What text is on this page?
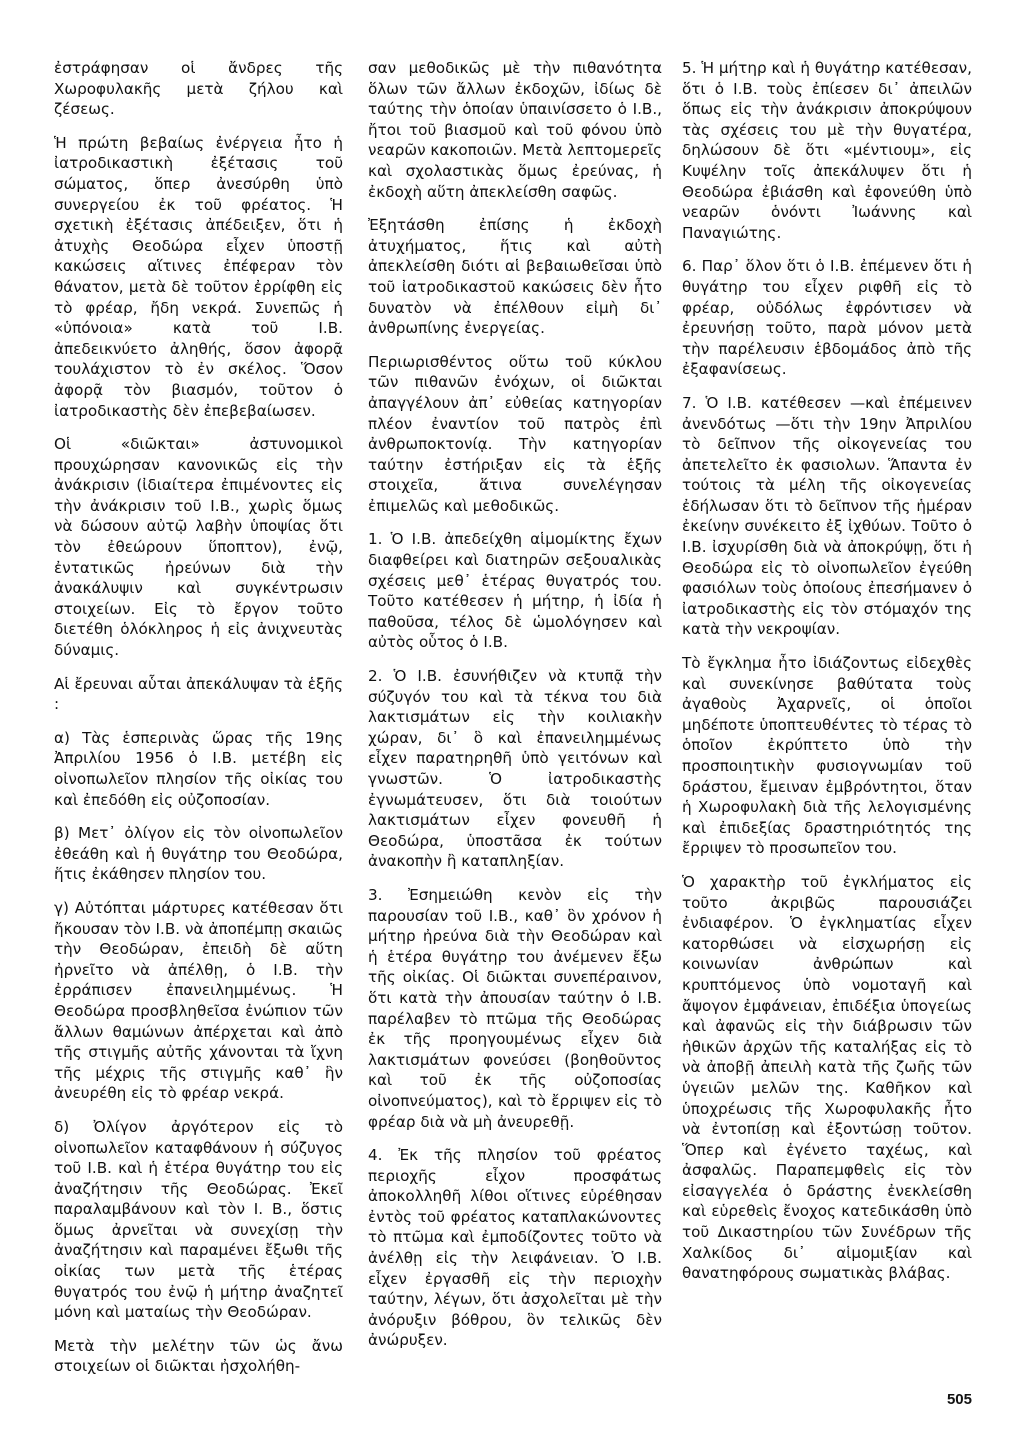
ἐστράφησαν οἱ ἄνδρες τῆς Χωροφυλακῆς μετὰ ζήλου καὶ ζέσεως.

Ἡ πρώτη βεβαίως ἐνέργεια ἦτο ἡ ἰατροδικαστικὴ ἐξέτασις τοῦ σώματος, ὅπερ ἀνεσύρθη ὑπὸ συνεργείου ἐκ τοῦ φρέατος. Ἡ σχετικὴ ἐξέτασις ἀπέδειξεν, ὅτι ἡ ἀτυχὴς Θεοδώρα εἶχεν ὑποστῇ κακώσεις αἵτινες ἐπέφεραν τὸν θάνατον, μετὰ δὲ τοῦτον ἐρρίφθη εἰς τὸ φρέαρ, ἤδη νεκρά. Συνεπῶς ἡ «ὑπόνοια» κατὰ τοῦ Ι.Β. ἀπεδεικνύετο ἀληθής, ὅσον ἀφορᾷ τουλάχιστον τὸ ἐν σκέλος. Ὅσον ἀφορᾷ τὸν βιασμόν, τοῦτον ὁ ἰατροδικαστὴς δὲν ἐπεβεβαίωσεν.

Οἱ «διῶκται» ἀστυνομικοὶ προυχώρησαν κανονικῶς εἰς τὴν ἀνάκρισιν (ἰδιαίτερα ἐπιμένοντες εἰς τὴν ἀνάκρισιν τοῦ Ι.Β., χωρὶς ὅμως νὰ δώσουν αὐτῷ λαβὴν ὑποψίας ὅτι τὸν ἐθεώρουν ὕποπτον), ἐνῷ, ἐντατικῶς ἠρεύνων διὰ τὴν ἀνακάλυψιν καὶ συγκέντρωσιν στοιχείων. Εἰς τὸ ἔργον τοῦτο διετέθη ὁλόκληρος ἡ εἰς ἀνιχνευτὰς δύναμις.

Αἱ ἔρευναι αὗται ἀπεκάλυψαν τὰ ἑξῆς :

α) Τὰς ἑσπερινὰς ὥρας τῆς 19ης Ἀπριλίου 1956 ὁ Ι.Β. μετέβη εἰς οἰνοπωλεῖον πλησίον τῆς οἰκίας του καὶ ἐπεδόθη εἰς οὐζοποσίαν.

β) Μετ᾽ ὀλίγον εἰς τὸν οἰνοπωλεῖον ἐθεάθη καὶ ἡ θυγάτηρ του Θεοδώρα, ἥτις ἐκάθησεν πλησίον του.

γ) Αὐτόπται μάρτυρες κατέθεσαν ὅτι ἤκουσαν τὸν Ι.Β. νὰ ἀποπέμπῃ σκαιῶς τὴν Θεοδώραν, ἐπειδὴ δὲ αὕτη ἠρνεῖτο νὰ ἀπέλθῃ, ὁ Ι.Β. τὴν ἐρράπισεν ἐπανειλημμένως. Ἡ Θεοδώρα προσβληθεῖσα ἐνώπιον τῶν ἄλλων θαμώνων ἀπέρχεται καὶ ἀπὸ τῆς στιγμῆς αὐτῆς χάνονται τὰ ἴχνη τῆς μέχρις τῆς στιγμῆς καθ᾽ ἣν ἀνευρέθη εἰς τὸ φρέαρ νεκρά.

δ) Ὀλίγον ἀργότερον εἰς τὸ οἰνοπωλεῖον καταφθάνουν ἡ σύζυγος τοῦ Ι.Β. καὶ ἡ ἑτέρα θυγάτηρ του εἰς ἀναζήτησιν τῆς Θεοδώρας. Ἐκεῖ παραλαμβάνουν καὶ τὸν Ι. Β., ὅστις ὅμως ἀρνεῖται νὰ συνεχίσῃ τὴν ἀναζήτησιν καὶ παραμένει ἔξωθι τῆς οἰκίας των μετὰ τῆς ἑτέρας θυγατρός του ἐνῷ ἡ μήτηρ ἀναζητεῖ μόνη καὶ ματαίως τὴν Θεοδώραν.

Μετὰ τὴν μελέτην τῶν ὡς ἄνω στοιχείων οἱ διῶκται ἠσχολήθη-

σαν μεθοδικῶς μὲ τὴν πιθανότητα ὅλων τῶν ἄλλων ἐκδοχῶν, ἰδίως δὲ ταύτης τὴν ὁποίαν ὑπαινίσσετο ὁ Ι.Β., ἤτοι τοῦ βιασμοῦ καὶ τοῦ φόνου ὑπὸ νεαρῶν κακοποιῶν. Μετὰ λεπτομερεῖς καὶ σχολαστικὰς ὅμως ἐρεύνας, ἡ ἐκδοχὴ αὕτη ἀπεκλείσθη σαφῶς.

Ἐξητάσθη ἐπίσης ἡ ἐκδοχὴ ἀτυχήματος, ἥτις καὶ αὐτὴ ἀπεκλείσθη διότι αἱ βεβαιωθεῖσαι ὑπὸ τοῦ ἰατροδικαστοῦ κακώσεις δὲν ἦτο δυνατὸν νὰ ἐπέλθουν εἰμὴ δι᾽ ἀνθρωπίνης ἐνεργείας.

Περιωρισθέντος οὕτω τοῦ κύκλου τῶν πιθανῶν ἐνόχων, οἱ διῶκται ἀπαγγέλουν ἀπ᾽ εὐθείας κατηγορίαν πλέον ἐναντίον τοῦ πατρὸς ἐπὶ ἀνθρωποκτονίᾳ. Τὴν κατηγορίαν ταύτην ἐστήριξαν εἰς τὰ ἑξῆς στοιχεῖα, ἅτινα συνελέγησαν ἐπιμελῶς καὶ μεθοδικῶς.

1. Ὁ Ι.Β. ἀπεδείχθη αἱμομίκτης ἔχων διαφθείρει καὶ διατηρῶν σεξουαλικὰς σχέσεις μεθ᾽ ἑτέρας θυγατρός του. Τοῦτο κατέθεσεν ἡ μήτηρ, ἡ ἰδία ἡ παθοῦσα, τέλος δὲ ὡμολόγησεν καὶ αὐτὸς οὗτος ὁ Ι.Β.

2. Ὁ Ι.Β. ἐσυνήθιζεν νὰ κτυπᾷ τὴν σύζυγόν του καὶ τὰ τέκνα του διὰ λακτισμάτων εἰς τὴν κοιλιακὴν χώραν, δι᾽ ὃ καὶ ἐπανειλημμένως εἶχεν παρατηρηθῆ ὑπὸ γειτόνων καὶ γνωστῶν. Ὁ ἰατροδικαστὴς ἐγνωμάτευσεν, ὅτι διὰ τοιούτων λακτισμάτων εἶχεν φονευθῆ ἡ Θεοδώρα, ὑποστᾶσα ἐκ τούτων ἀνακοπὴν ἢ καταπληξίαν.

3. Ἐσημειώθη κενὸν εἰς τὴν παρουσίαν τοῦ Ι.Β., καθ᾽ ὃν χρόνον ἡ μήτηρ ἠρεύνα διὰ τὴν Θεοδώραν καὶ ἡ ἑτέρα θυγάτηρ του ἀνέμενεν ἔξω τῆς οἰκίας. Οἱ διῶκται συνεπέραινον, ὅτι κατὰ τὴν ἀπουσίαν ταύτην ὁ Ι.Β. παρέλαβεν τὸ πτῶμα τῆς Θεοδώρας ἐκ τῆς προηγουμένως εἶχεν διὰ λακτισμάτων φονεύσει (βοηθοῦντος καὶ τοῦ ἐκ τῆς οὐζοποσίας οἰνοπνεύματος), καὶ τὸ ἔρριψεν εἰς τὸ φρέαρ διὰ νὰ μὴ ἀνευρεθῇ.

4. Ἐκ τῆς πλησίον τοῦ φρέατος περιοχῆς εἶχον προσφάτως ἀποκολληθῆ λίθοι οἵτινες εὑρέθησαν ἐντὸς τοῦ φρέατος καταπλακώνοντες τὸ πτῶμα καὶ ἐμποδίζοντες τοῦτο νὰ ἀνέλθῃ εἰς τὴν λειφάνειαν. Ὁ Ι.Β. εἶχεν ἐργασθῆ εἰς τὴν περιοχὴν ταύτην, λέγων, ὅτι ἀσχολεῖται μὲ τὴν ἀνόρυξιν βόθρου, ὃν τελικῶς δὲν ἀνώρυξεν.

5. Ἡ μήτηρ καὶ ἡ θυγάτηρ κατέθεσαν, ὅτι ὁ Ι.Β. τοὺς ἐπίεσεν δι᾽ ἀπειλῶν ὅπως εἰς τὴν ἀνάκρισιν ἀποκρύψουν τὰς σχέσεις του μὲ τὴν θυγατέρα, δηλώσουν δὲ ὅτι «μέντιουμ», εἰς Κυψέλην τοῖς ἀπεκάλυψεν ὅτι ἡ Θεοδώρα ἐβιάσθη καὶ ἐφονεύθη ὑπὸ νεαρῶν ὁνόντι Ἰωάννης καὶ Παναγιώτης.

6. Παρ᾽ ὅλον ὅτι ὁ Ι.Β. ἐπέμενεν ὅτι ἡ θυγάτηρ του εἶχεν ριφθῆ εἰς τὸ φρέαρ, οὐδόλως ἐφρόντισεν νὰ ἐρευνήσῃ τοῦτο, παρὰ μόνον μετὰ τὴν παρέλευσιν ἑβδομάδος ἀπὸ τῆς ἐξαφανίσεως.

7. Ὁ Ι.Β. κατέθεσεν —καὶ ἐπέμεινεν ἀνενδότως —ὅτι τὴν 19ην Ἀπριλίου τὸ δεῖπνον τῆς οἰκογενείας του ἀπετελεῖτο ἐκ φασιολων. Ἅπαντα ἐν τούτοις τὰ μέλη τῆς οἰκογενείας ἐδήλωσαν ὅτι τὸ δεῖπνον τῆς ἡμέραν ἐκείνην συνέκειτο ἐξ ἰχθύων. Τοῦτο ὁ Ι.Β. ἰσχυρίσθη διὰ νὰ ἀποκρύψῃ, ὅτι ἡ Θεοδώρα εἰς τὸ οἰνοπωλεῖον ἐγεύθη φασιόλων τοὺς ὁποίους ἐπεσήμανεν ὁ ἰατροδικαστὴς εἰς τὸν στόμαχόν της κατὰ τὴν νεκροψίαν.

Τὸ ἔγκλημα ἦτο ἰδιάζοντως εἰδεχθὲς καὶ συνεκίνησε βαθύτατα τοὺς ἀγαθοὺς Ἀχαρνεῖς, οἱ ὁποῖοι μηδέποτε ὑποπτευθέντες τὸ τέρας τὸ ὁποῖον ἐκρύπτετο ὑπὸ τὴν προσποιητικὴν φυσιογνωμίαν τοῦ δράστου, ἔμειναν ἐμβρόντητοι, ὅταν ἡ Χωροφυλακὴ διὰ τῆς λελογισμένης καὶ ἐπιδεξίας δραστηριότητός της ἔρριψεν τὸ προσωπεῖον του.

Ὁ χαρακτὴρ τοῦ ἐγκλήματος εἰς τοῦτο ἀκριβῶς παρουσιάζει ἐνδιαφέρον. Ὁ ἐγκληματίας εἶχεν κατορθώσει νὰ εἰσχωρήσῃ εἰς κοινωνίαν ἀνθρώπων καὶ κρυπτόμενος ὑπὸ νομοταγῆ καὶ ἄψογον ἐμφάνειαν, ἐπιδέξια ὑπογείως καὶ ἀφανῶς εἰς τὴν διάβρωσιν τῶν ἠθικῶν ἀρχῶν τῆς καταλήξας εἰς τὸ νὰ ἀποβῇ ἀπειλὴ κατὰ τῆς ζωῆς τῶν ὑγειῶν μελῶν της. Καθῆκον καὶ ὑποχρέωσις τῆς Χωροφυλακῆς ἦτο νὰ ἐντοπίσῃ καὶ ἐξοντώσῃ τοῦτον. Ὅπερ καὶ ἐγένετο ταχέως, καὶ ἀσφαλῶς. Παραπεμφθεὶς εἰς τὸν εἰσαγγελέα ὁ δράστης ἐνεκλείσθη καὶ εὑρεθεὶς ἔνοχος κατεδικάσθη ὑπὸ τοῦ Δικαστηρίου τῶν Συνέδρων τῆς Χαλκίδος δι᾽ αἱμομιξίαν καὶ θανατηφόρους σωματικὰς βλάβας.

505
